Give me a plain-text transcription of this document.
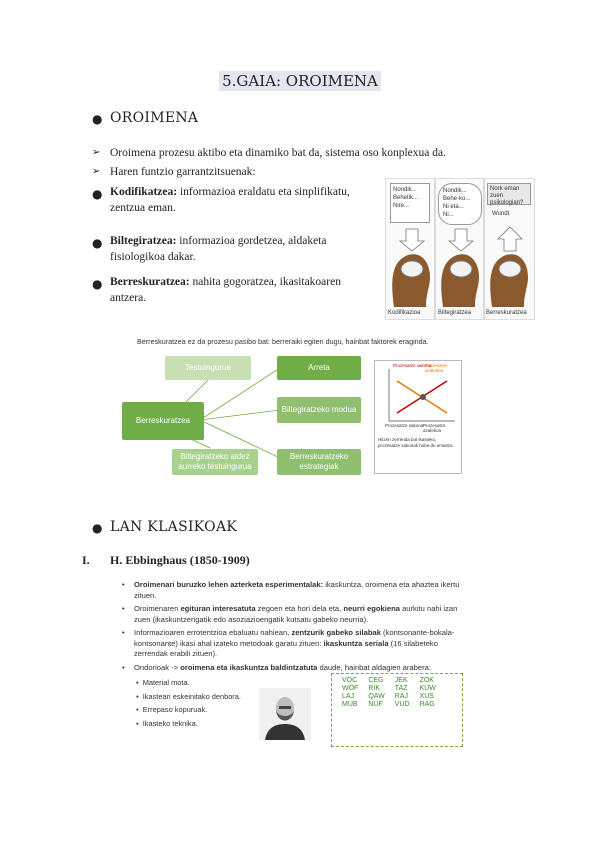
5.GAIA: OROIMENA
● OROIMENA
➢ Oroimena prozesu aktibo eta dinamiko bat da, sistema oso konplexua da.
➢ Haren funtzio garrantzitsuenak:
● Kodifikatzea: informazioa eraldatu eta sinplifikatu,
zentzua eman.
● Biltegiratzea: informazioa gordetzea, aldaketa
fisiologikoa dakar.
● Berreskuratzea: nahita gogoratzea, ikasitakoaren
antzera.
Nondik...
Behetik...
Nire...
Nondik...
Behe-ko...
Ni eta...
Ni...
Nork eman zuen psikologian?
Wundt
Kodifikazioa	Biltegiratzea Berreskuratzea
Berreskuratzea ez da prozesu pasibo bat: berreraiki egiten dugu, hainbat faktorek eraginda.
Testuingurua	Arreta
Berreskuratzea
Biltegiratzeko modua
Biltegiratzeko aldez aurreko testuingurua
Berreskuratzeko estrategiak
Prozesatze sakona
Prozesatze azalekoa
Prozesatze sakona Prozesatze azalekoa
Hitzen zerrenda bat ikasteko, prozesatze sakonak hobe du emaitza.
● LAN KLASIKOAK
I. H. Ebbinghaus (1850-1909)
• Oroimenari buruzko lehen azterketa esperimentalak: ikaskuntza, oroimena eta ahaztea ikertu zituen.
• Oroimenaren egituran interesatuta zegoen eta hori dela eta, neurri egokiena aurkitu nahi izan zuen (ikaskuntzengatik edo asoziazioengatik kutsatu gabeko neurria).
• Informazioaren errotentzioa ebaluatu nahiean, zentzurik gabeko silabak (kontsonante-bokala-kontsonante) ikasi ahal izateko metodoak garatu zituen: ikaskuntza seriala (16 silabeteko zerrendak erabili zituen).
• Ondorioak -> oroimena eta ikaskuntza baldintzatuta daude, hainbat aldagien arabera:
▪  Material mota.
▪  Ikasteari eskeinitako denbora.
▪  Errepaso kopuruak.
▪  Ikasteko teknika.
VOC	CEG	JEK	ZOK
WOF	RIK	TAZ	KUW
LAJ	QAW	RAJ	XUS
MUB	NUF	VUD	RAG
